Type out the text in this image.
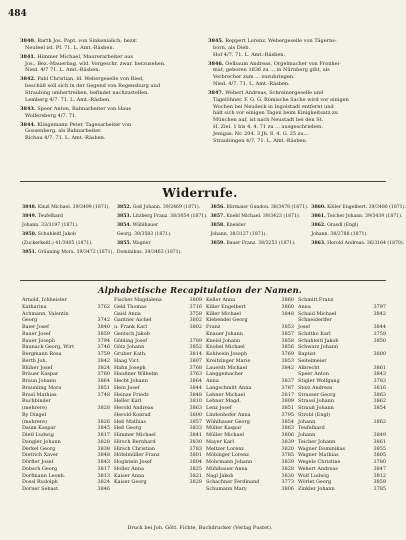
484
3840. Barth Jos. Papt. von Sinkenialich; bezir.
Neufeel ist. Pf. 71. L. Amt.-Räsben.
3841. Himmer Michael, Maurerarbeiter aus
Jos., Bez.-Mauerbag. wld. Vorgeschr. zwar. herzusehen.
Nied. 4/7 71. L. Amt.-Räsben.
3842. Pabl Christian, ld. Webergeselle von Ried,
beschäß soll sich in der Gegend von Regensburg und
Straubing umhertreiben, befindet nachzustellen.
Lemberg 4/7. 71. L. Amt.-Räsben.
3843. Speer Anton, Bahnarbeiter von Haus
Wolfersberg 4/7. 71.
3844. Klingemann Peter, Tagesarbeiter von
Gossenberg, als Bahnarbeiter.
Richau 4/7. 71. L. Amt.-Räsben.
3845. Reppert Lorenz, Webergeselle von Tägerns-
born, als Dieb.
Hof 4/7. 71. L. Amt.-Räsben.
3846. Oelbaum Andreas, Orgelmacher von Fronhei-
mat, geboren 1836 zu ... in Nürnberg gibt, als
Verbrecher zum ... zuzubringen.
Nied. 4/7. 71. L. Amt.-Räsben.
3847. Wehert Andreas, Schreinergeselle und
Tagelöhner. F. G. G. Römische Sache wird vor einigen
Wochen bei Neudeck in Ingolstadt entfernt und
hält sich vor einigen Tagen beim Einigkeitsatz zu
München auf, ist nach Neustadt bei den St.
H. Ziel. 1 bis 4. 4. 71 zu ... ausgeschrieben.
Jenigas. Nr. 204. 3 Jh. 8. 4. G. 25 zu...
Straubingen 4/7. 71. L. Amt.-Räsben.
Widerrufe.
3848. Kinzl Michael. 39/3499 (1871).
3849. Teufelhard
Johann. 33/3197 (1871).
3850. Schuhleitl Jakob
(Zuckerkeitl.) 41/3405 (1871).
3851. Gräuning Mora. 39/3472 (1871).
3852. Goß Johann. 39/2469 (1871).
3853. Litzberg Franz. 38/3054 (1871).
3854. Wühlhauer
Georg. 38/3583 (1871).
3855. Wagner
Dominikus. 39/3463 (1871).
3856. Bürmaier Gundon. 38/3478 (1871).
3857. Knebl Michael. 39/3423 (1871).
3858. Kneisler
Johann. 38/3127 (1871).
3859. Bauer Franz. 38/3253 (1871).
3860. Köller Engelbert. 39/3480 (1871).
3861. Teicher Johann. 39/3439 (1871).
3862. Grasdl (Engl)
Johann. 38/2788 (1871).
3863. Herold Andreas. 36/3164 (1870).
Alphabetische Recapitulation der Namen.
Arnold, Ichheister
Katharina	3762
Achmann, Valentin
Georg	3742
Baier Josef	3840
Bauer Josef	3859
Bauer Joseph	3794
Baunack Georg, Wirt	3746
Bergmann Rosa	3759
Berth Joh.	3842
Blüher Josef	3824
Bräuer Kaspar	3760
Braun Johann	3864
Braunling Mora	3851
Brasl Mathias	3748
Buchbinder
(mehrere)	3828
By Dingel
(mehrere)	3826
Daum Kaspar	3845
Dietl Ludwig	3817
Dangler Johann	3828
Derkel Georg	3838
Dietrich Xaver	3848
Dörfler Josef	3843
Dobsch Georg	3817
Dorfmann Leonh.	3813
Dossl Rudolph	3824
Dorner Sebast.	3846
Fischer Magdalena	3809
Geld Thomas	3716
Gaisl Anna	3758
Gantner Aichel	3802
u. Frank Karl	3802
Gentsch Jakob
Göbling Josef	3789
Götz Johann	3852
Gruber Kath.	3814
Haag Vict.	3807
Hahn Joseph	3768
Haußner Wilhelm	3763
Hecht Johann	3864
Hein Josef	3844
Heinze Friedr.	3848
Heller Karl	3810
Herold Andreas	3863
Herold Konrad	3800
Heß Mathias	3857
Heß Georg	3833
Himmer Michael	3841
Hirsch Bernhard	3830
Hirsch Christian	3783
Höfelmüller Franz	3801
Hoglstein Josef	3804
Holler Anna	3825
Kaiser Anna	3821
Kaiser Georg	3828
Keller Anna	3860
Killer Engelbert	3860
Killer Michael	3848
Klebendel Georg
Franz	3853
Knauer Johann	3857
Kneisl Johann	3858
Knobel Michael	3856
Kohlwein Joseph	3769
Kreitzinger Marie	3853
Lauerdt Michael	3842
Langgemacher
Anna	3837
Langschmitt Anna	3787
Lehner Michael	3817
Lehner Magd.	3809
Lenz Josef	3851
Lindenhofer Anna	3795
Wühlhauer Georg	3854
Müller Kaspar	3863
Müller Michael	3806
Mayer Karl	3839
Meltzer Lorenz	3820
Möbinger Lorenz	3785
Mohrmann Johann	3839
Mühlbauer Anna	3828
Nagl Jakob	3830
Schachner Ferdinand	3773
Schumann Mary	3806
Schmitt Franz
Anna	3797
Schaid Michael	3842
Schneiderlfer
Josef	3844
Schittko Karl	3759
Schuhleitl Jakob	3850
Schwarz Johann
Baptist	3800
Seitelmeier
Albrecht	3861
Speer Anton	3843
Stigler Wolfgang	3783
Stolz Andreas	3816
Strasser Georg	3863
Strassl Johann	3862
Strauß Johann	3854
Strobl (Engl)
Johann	3862
Teufelhard
Johann	3849
Teicher Johann	3861
Wagner Dominikus	3855
Wagner Mathias	3805
Wegele Christine	3780
Wehert Andreas	3847
Wolf Ludwig	3812
Wörlet Georg	3859
Zinkler Johann	3785
Druck bei Joh. Gött. Fichte, Buchdrucker (Verlag Pustet).
